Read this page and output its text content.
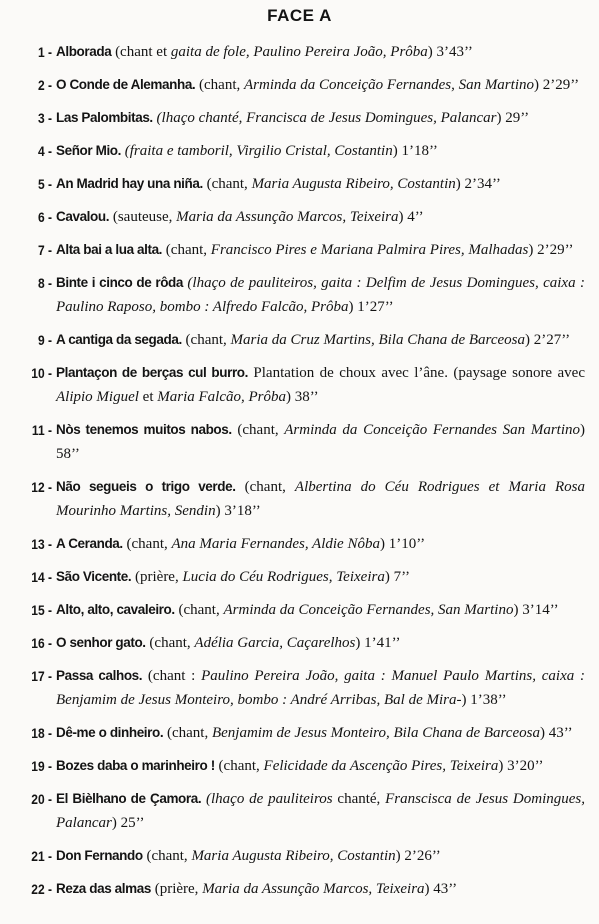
FACE A
1 - Alborada (chant et gaita de fole, Paulino Pereira João, Prôba) 3’43’’
2 - O Conde de Alemanha. (chant, Arminda da Conceição Fernandes, San Martino) 2’29’’
3 - Las Palombitas. (lhaço chanté, Francisca de Jesus Domingues, Palancar) 29’’
4 - Señor Mio. (fraita e tamboril, Virgilio Cristal, Costantin) 1’18’’
5 - An Madrid hay una niña. (chant, Maria Augusta Ribeiro, Costantin) 2’34’’
6 - Cavalou. (sauteuse, Maria da Assunção Marcos, Teixeira) 4’’
7 - Alta bai a lua alta. (chant, Francisco Pires e Mariana Palmira Pires, Malhadas) 2’29’’
8 - Binte i cinco de rôda (lhaço de pauliteiros, gaita : Delfim de Jesus Domingues, caixa : Paulino Raposo, bombo : Alfredo Falcão, Prôba) 1’27’’
9 - A cantiga da segada. (chant, Maria da Cruz Martins, Bila Chana de Barceosa) 2’27’’
10 - Plantaçon de berças cul burro. Plantation de choux avec l’âne. (paysage sonore avec Alipio Miguel et Maria Falcão, Prôba) 38’’
11 - Nòs tenemos muitos nabos. (chant, Arminda da Conceição Fernandes San Martino) 58’’
12 - Não segueis o trigo verde. (chant, Albertina do Céu Rodrigues et Maria Rosa Mourinho Martins, Sendin) 3’18’’
13 - A Ceranda. (chant, Ana Maria Fernandes, Aldie Nôba) 1’10’’
14 - São Vicente. (prière, Lucia do Céu Rodrigues, Teixeira) 7’’
15 - Alto, alto, cavaleiro. (chant, Arminda da Conceição Fernandes, San Martino) 3’14’’
16 - O senhor gato. (chant, Adélia Garcia, Caçarelhos) 1’41’’
17 - Passa calhos. (chant : Paulino Pereira João, gaita : Manuel Paulo Martins, caixa : Benjamim de Jesus Monteiro, bombo : André Arribas, Bal de Mira-) 1’38’’
18 - Dê-me o dinheiro. (chant, Benjamim de Jesus Monteiro, Bila Chana de Barceosa) 43’’
19 - Bozes daba o marinheiro ! (chant, Felicidade da Ascenção Pires, Teixeira) 3’20’’
20 - El Bièlhano de Çamora. (lhaço de pauliteiros chanté, Franscisca de Jesus Domingues, Palancar) 25’’
21 - Don Fernando (chant, Maria Augusta Ribeiro, Costantin) 2’26’’
22 - Reza das almas (prière, Maria da Assunção Marcos, Teixeira) 43’’
